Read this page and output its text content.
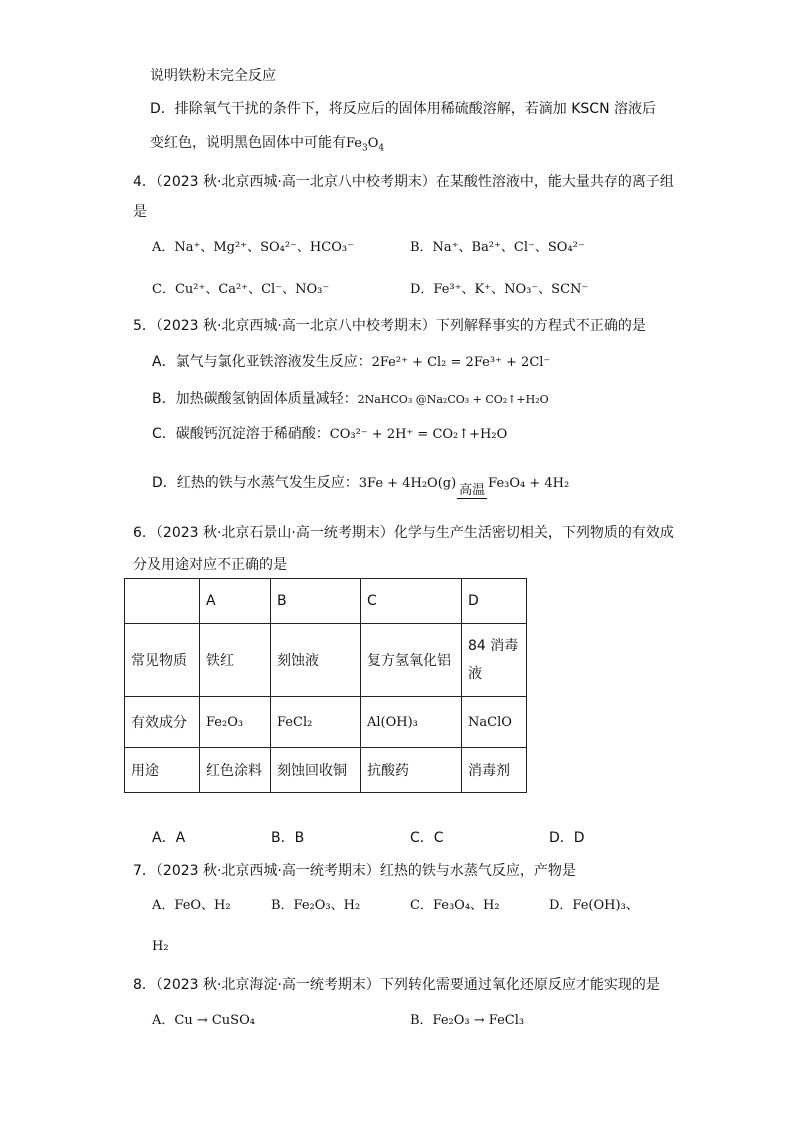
说明铁粉末完全反应
D．排除氧气干扰的条件下，将反应后的固体用稀硫酸溶解，若滴加 KSCN 溶液后
变红色，说明黑色固体中可能有$Fe_3O_4$
4．（2023 秋·北京西城·高一北京八中校考期末）在某酸性溶液中，能大量共存的离子组
是
A．Na⁺、Mg²⁺、SO₄²⁻、HCO₃⁻	B．Na⁺、Ba²⁺、Cl⁻、SO₄²⁻
C．Cu²⁺、Ca²⁺、Cl⁻、NO₃⁻	D．Fe³⁺、K⁺、NO₃⁻、SCN⁻
5．（2023 秋·北京西城·高一北京八中校考期末）下列解释事实的方程式不正确的是
A．氯气与氯化亚铁溶液发生反应：2Fe²⁺ + Cl₂ = 2Fe³⁺ + 2Cl⁻
B．加热碳酸氢钠固体质量减轻：2NaHCO₃ @Na₂CO₃ + CO₂↑+H₂O
C．碳酸钙沉淀溶于稀硝酸：CO₃²⁻ + 2H⁺ = CO₂↑+H₂O
D．红热的铁与水蒸气发生反应：3Fe + 4H₂O(g) 高温 Fe₃O₄ + 4H₂
6．（2023 秋·北京石景山·高一统考期末）化学与生产生活密切相关，下列物质的有效成
分及用途对应不正确的是
	A	B	C	D
常见物质	铁红	刻蚀液	复方氢氧化铝	84 消毒液
有效成分	Fe₂O₃	FeCl₂	Al(OH)₃	NaClO
用途	红色涂料	刻蚀回收铜	抗酸药	消毒剂
A．A	B．B	C．C	D．D
7．（2023 秋·北京西城·高一统考期末）红热的铁与水蒸气反应，产物是
A．FeO、H₂	B．Fe₂O₃、H₂	C．Fe₃O₄、H₂	D．Fe(OH)₃、
H₂
8．（2023 秋·北京海淀·高一统考期末）下列转化需要通过氧化还原反应才能实现的是
A．Cu → CuSO₄	B．Fe₂O₃ → FeCl₃
